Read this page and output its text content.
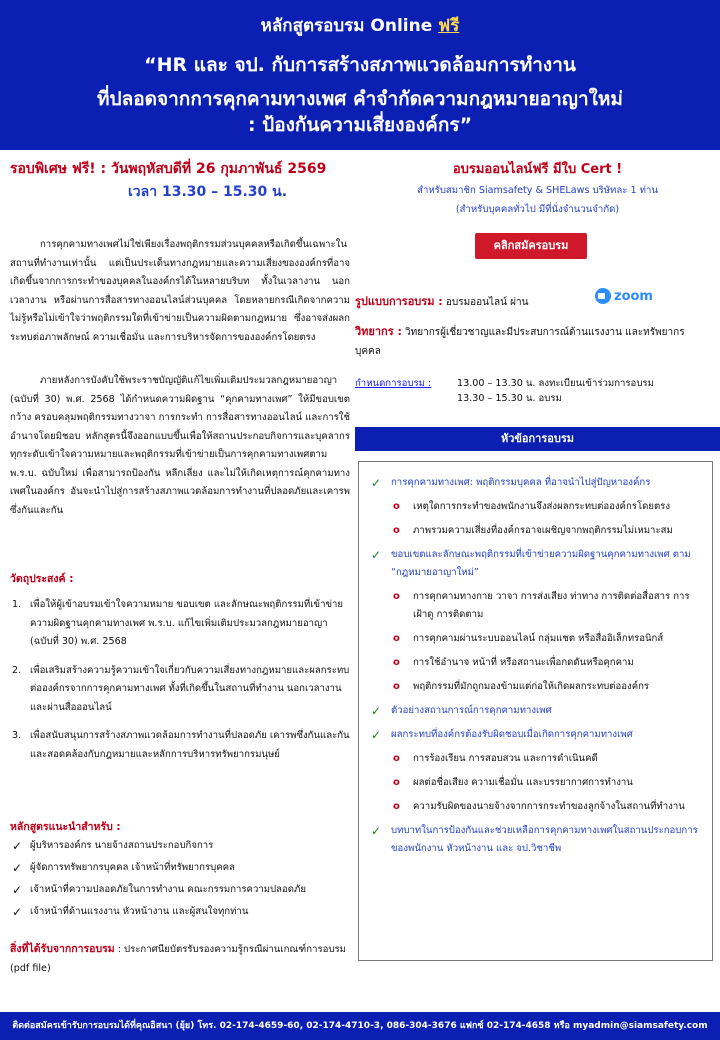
หลักสูตรอบรม Online ฟรี
“HR และ จป. กับการสร้างสภาพแวดล้อมการทำงาน
ที่ปลอดจากการคุกคามทางเพศ คำจำกัดความกฎหมายอาญาใหม่
: ป้องกันความเสี่ยงองค์กร”
รอบพิเศษ ฟรี! : วันพฤหัสบดีที่ 26 กุมภาพันธ์ 2569
เวลา 13.30 – 15.30 น.
การคุกคามทางเพศไม่ใช่เพียงเรื่องพฤติกรรมส่วนบุคคลหรือเกิดขึ้นเฉพาะในสถานที่ทำงานเท่านั้น แต่เป็นประเด็นทางกฎหมายและความเสี่ยงขององค์กรที่อาจเกิดขึ้นจากการกระทำของบุคคลในองค์กรได้ในหลายบริบท ทั้งในเวลางาน นอกเวลางาน หรือผ่านการสื่อสารทางออนไลน์ส่วนบุคคล โดยหลายกรณีเกิดจากความไม่รู้หรือไม่เข้าใจว่าพฤติกรรมใดที่เข้าข่ายเป็นความผิดตามกฎหมาย ซึ่งอาจส่งผลกระทบต่อภาพลักษณ์ ความเชื่อมั่น และการบริหารจัดการขององค์กรโดยตรง
ภายหลังการบังคับใช้พระราชบัญญัติแก้ไขเพิ่มเติมประมวลกฎหมายอาญา (ฉบับที่ 30) พ.ศ. 2568 ได้กำหนดความผิดฐาน “คุกคามทางเพศ” ให้มีขอบเขตกว้าง ครอบคลุมพฤติกรรมทางวาจา การกระทำ การสื่อสารทางออนไลน์ และการใช้อำนาจโดยมิชอบ หลักสูตรนี้จึงออกแบบขึ้นเพื่อให้สถานประกอบกิจการและบุคลากรทุกระดับเข้าใจความหมายและพฤติกรรมที่เข้าข่ายเป็นการคุกคามทางเพศตาม พ.ร.บ. ฉบับใหม่ เพื่อสามารถป้องกัน หลีกเลี่ยง และไม่ให้เกิดเหตุการณ์คุกคามทางเพศในองค์กร อันจะนำไปสู่การสร้างสภาพแวดล้อมการทำงานที่ปลอดภัยและเคารพซึ่งกันและกัน
วัตถุประสงค์ :
1. เพื่อให้ผู้เข้าอบรมเข้าใจความหมาย ขอบเขต และลักษณะพฤติกรรมที่เข้าข่ายความผิดฐานคุกคามทางเพศ พ.ร.บ. แก้ไขเพิ่มเติมประมวลกฎหมายอาญา (ฉบับที่ 30) พ.ศ. 2568
2. เพื่อเสริมสร้างความรู้ความเข้าใจเกี่ยวกับความเสี่ยงทางกฎหมายและผลกระทบต่อองค์กรจากการคุกคามทางเพศ ทั้งที่เกิดขึ้นในสถานที่ทำงาน นอกเวลางาน และผ่านสื่อออนไลน์
3. เพื่อสนับสนุนการสร้างสภาพแวดล้อมการทำงานที่ปลอดภัย เคารพซึ่งกันและกัน และสอดคล้องกับกฎหมายและหลักการบริหารทรัพยากรมนุษย์
หลักสูตรแนะนำสำหรับ :
✓ ผู้บริหารองค์กร นายจ้างสถานประกอบกิจการ
✓ ผู้จัดการทรัพยากรบุคคล เจ้าหน้าที่ทรัพยากรบุคคล
✓ เจ้าหน้าที่ความปลอดภัยในการทำงาน คณะกรรมการความปลอดภัย
✓ เจ้าหน้าที่ด้านแรงงาน หัวหน้างาน และผู้สนใจทุกท่าน
สิ่งที่ได้รับจากการอบรม : ประกาศนียบัตรรับรองความรู้กรณีผ่านเกณฑ์การอบรม (pdf file)
อบรมออนไลน์ฟรี มีใบ Cert !
สำหรับสมาชิก Siamsafety & SHELaws บริษัทละ 1 ท่าน
(สำหรับบุคคลทั่วไป มีที่นั่งจำนวนจำกัด)
คลิกสมัครอบรม
รูปแบบการอบรม : อบรมออนไลน์ ผ่าน	zoom
วิทยากร : วิทยากรผู้เชี่ยวชาญและมีประสบการณ์ด้านแรงงาน และทรัพยากรบุคคล
กำหนดการอบรม :	13.00 – 13.30 น. ลงทะเบียนเข้าร่วมการอบรม
13.30 – 15.30 น. อบรม
หัวข้อการอบรม
✓ การคุกคามทางเพศ: พฤติกรรมบุคคล ที่อาจนำไปสู่ปัญหาองค์กร
o เหตุใดการกระทำของพนักงานจึงส่งผลกระทบต่อองค์กรโดยตรง
o ภาพรวมความเสี่ยงที่องค์กรอาจเผชิญจากพฤติกรรมไม่เหมาะสม
✓ ขอบเขตและลักษณะพฤติกรรมที่เข้าข่ายความผิดฐานคุกคามทางเพศ ตาม “กฎหมายอาญาใหม่”
o การคุกคามทางกาย วาจา การส่งเสียง ท่าทาง การติดต่อสื่อสาร การเฝ้าดู การติดตาม
o การคุกคามผ่านระบบออนไลน์ กลุ่มแชต หรือสื่ออิเล็กทรอนิกส์
o การใช้อำนาจ หน้าที่ หรือสถานะเพื่อกดดันหรือคุกคาม
o พฤติกรรมที่มักถูกมองข้ามแต่ก่อให้เกิดผลกระทบต่อองค์กร
✓ ตัวอย่างสถานการณ์การคุกคามทางเพศ
✓ ผลกระทบที่องค์กรต้องรับผิดชอบเมื่อเกิดการคุกคามทางเพศ
o การร้องเรียน การสอบสวน และการดำเนินคดี
o ผลต่อชื่อเสียง ความเชื่อมั่น และบรรยากาศการทำงาน
o ความรับผิดของนายจ้างจากการกระทำของลูกจ้างในสถานที่ทำงาน
✓ บทบาทในการป้องกันและช่วยเหลือการคุกคามทางเพศในสถานประกอบการ ของพนักงาน หัวหน้างาน และ จป.วิชาชีพ
ติดต่อสมัครเข้ารับการอบรมได้ที่คุณอิสนา (ยุ้ย) โทร. 02-174-4659-60, 02-174-4710-3, 086-304-3676 แฟกซ์ 02-174-4658 หรือ myadmin@siamsafety.com
